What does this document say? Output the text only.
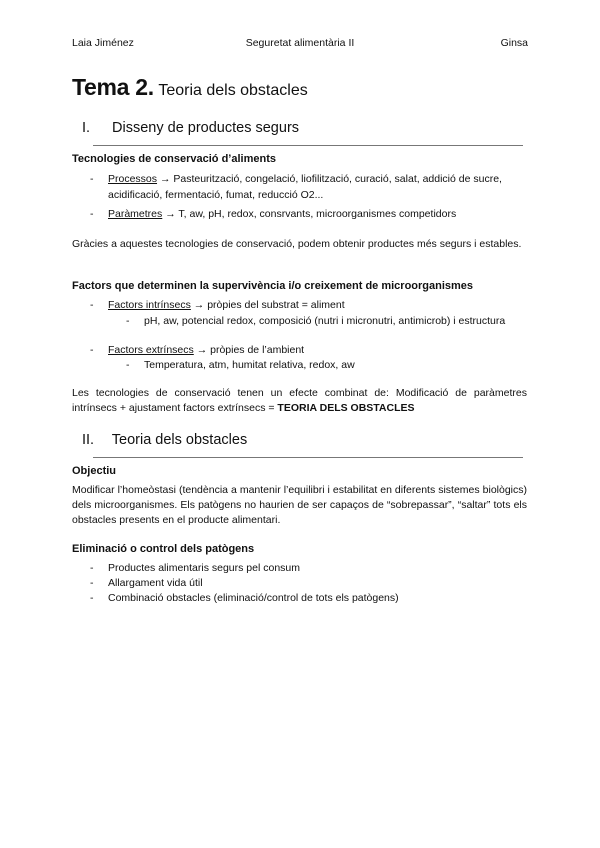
Laia Jiménez	Seguretat alimentària II	Ginsa
Tema 2. Teoria dels obstacles
I. Disseny de productes segurs
Tecnologies de conservació d’aliments
- Processos → Pasteurització, congelació, liofilització, curació, salat, addició de sucre, acidificació, fermentació, fumat, reducció O2...
- Paràmetres → T, aw, pH, redox, consrvants, microorganismes competidors
Gràcies a aquestes tecnologies de conservació, podem obtenir productes més segurs i estables.
Factors que determinen la supervivència i/o creixement de microorganismes
- Factors intrínsecs → pròpies del substrat = aliment
- pH, aw, potencial redox, composició (nutri i micronutri, antimicrob) i estructura
- Factors extrínsecs → pròpies de l’ambient
- Temperatura, atm, humitat relativa, redox, aw
Les tecnologies de conservació tenen un efecte combinat de: Modificació de paràmetres intrínsecs + ajustament factors extrínsecs = TEORIA DELS OBSTACLES
II. Teoria dels obstacles
Objectiu
Modificar l’homeòstasi (tendència a mantenir l’equilibri i estabilitat en diferents sistemes biològics) dels microorganismes. Els patògens no haurien de ser capaços de “sobrepassar”, “saltar” tots els obstacles presents en el producte alimentari.
Eliminació o control dels patògens
- Productes alimentaris segurs pel consum
- Allargament vida útil
- Combinació obstacles (eliminació/control de tots els patògens)
